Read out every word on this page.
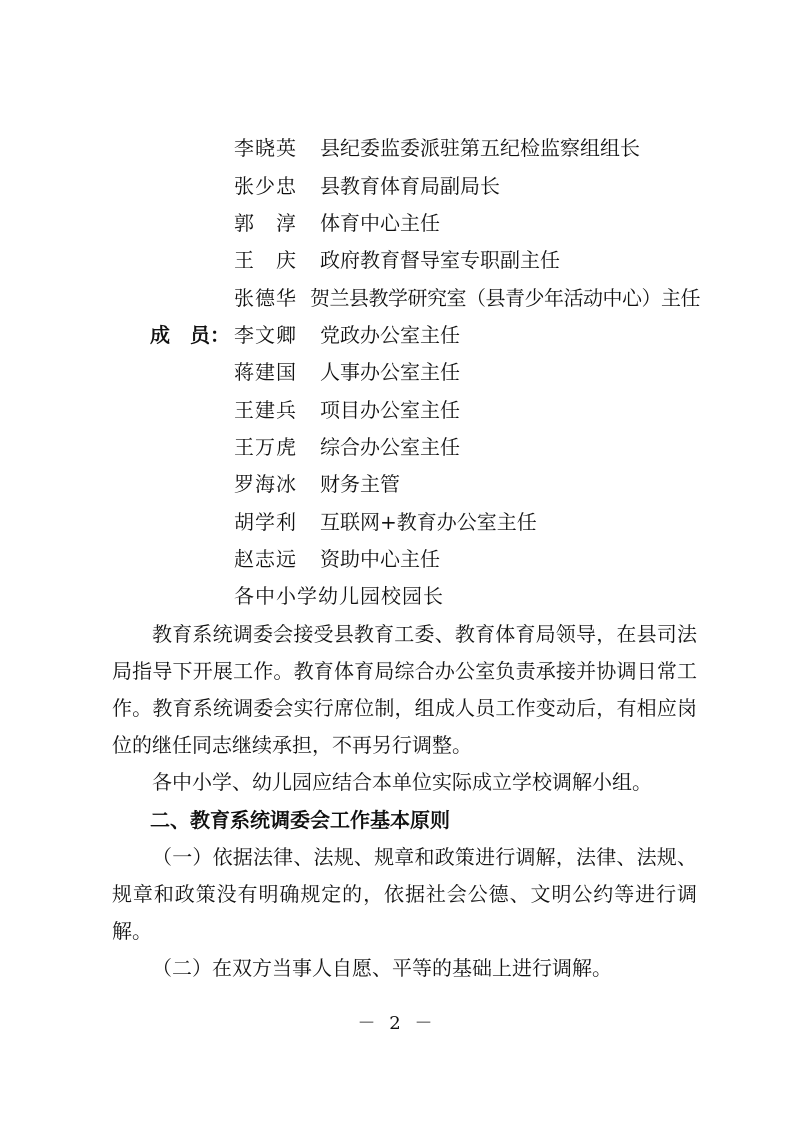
李晓英 县纪委监委派驻第五纪检监察组组长
张少忠 县教育体育局副局长
郭　淳 体育中心主任
王　庆 政府教育督导室专职副主任
张德华 贺兰县教学研究室（县青少年活动中心）主任
成　员： 李文卿 党政办公室主任
蒋建国 人事办公室主任
王建兵 项目办公室主任
王万虎 综合办公室主任
罗海冰 财务主管
胡学利 互联网+教育办公室主任
赵志远 资助中心主任
各中小学幼儿园校园长
教育系统调委会接受县教育工委、教育体育局领导，在县司法局指导下开展工作。教育体育局综合办公室负责承接并协调日常工作。教育系统调委会实行席位制，组成人员工作变动后，有相应岗位的继任同志继续承担，不再另行调整。
各中小学、幼儿园应结合本单位实际成立学校调解小组。
二、教育系统调委会工作基本原则
（一）依据法律、法规、规章和政策进行调解，法律、法规、规章和政策没有明确规定的，依据社会公德、文明公约等进行调解。
（二）在双方当事人自愿、平等的基础上进行调解。
－ 2 －
